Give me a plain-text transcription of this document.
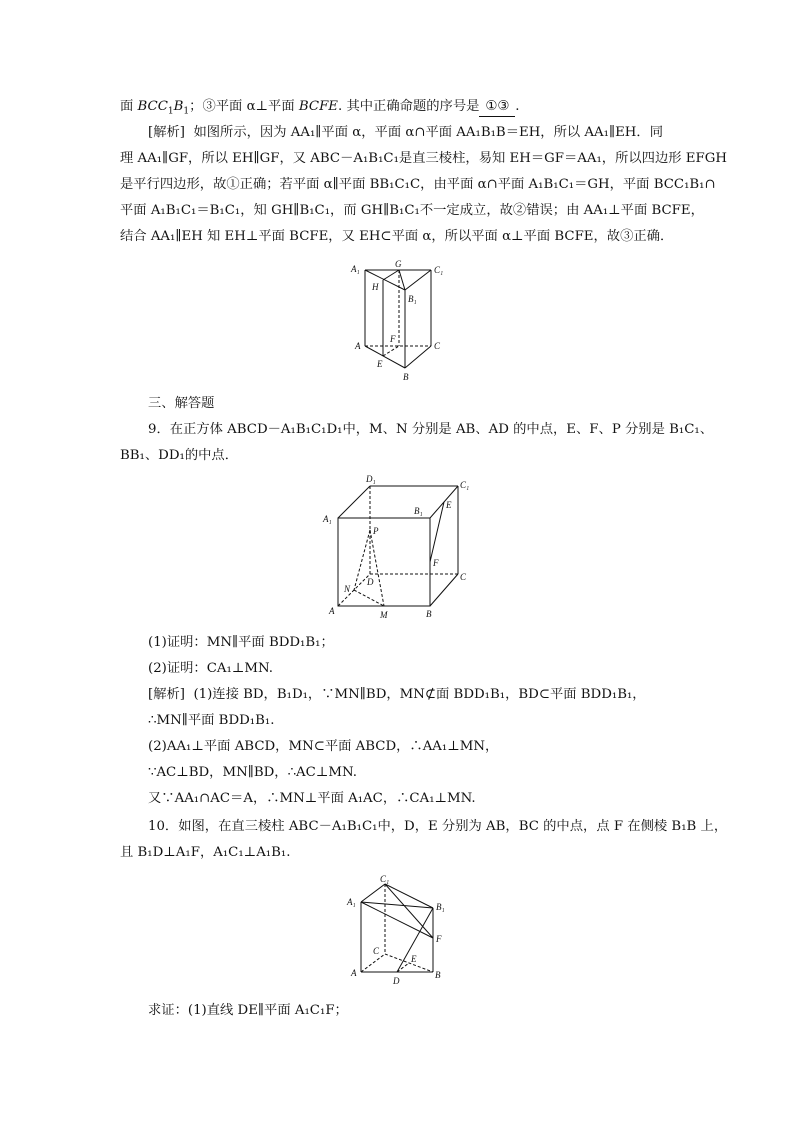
面 $BCC_1B_1$；③平面 α⊥平面 BCFE. 其中正确命题的序号是 ①③ .
[解析] 如图所示，因为 AA₁∥平面 α，平面 α∩平面 AA₁B₁B＝EH，所以 AA₁∥EH．同
理 AA₁∥GF，所以 EH∥GF，又 ABC－A₁B₁C₁是直三棱柱，易知 EH＝GF＝AA₁，所以四边形 EFGH
是平行四边形，故①正确；若平面 α∥平面 BB₁C₁C，由平面 α∩平面 A₁B₁C₁＝GH，平面 BCC₁B₁∩
平面 A₁B₁C₁＝B₁C₁，知 GH∥B₁C₁，而 GH∥B₁C₁不一定成立，故②错误；由 AA₁⊥平面 BCFE，
结合 AA₁∥EH 知 EH⊥平面 BCFE，又 EH⊂平面 α，所以平面 α⊥平面 BCFE，故③正确．
A₁	G
C₁
H
B₁
F
A	C
E
B
三、解答题
9．在正方体 ABCD－A₁B₁C₁D₁中，M、N 分别是 AB、AD 的中点，E、F、P 分别是 B₁C₁、
BB₁、DD₁的中点．
D₁
C₁
A₁
B₁
E
P
F
D	C
N
A	M	B
(1)证明：MN∥平面 BDD₁B₁；
(2)证明：CA₁⊥MN.
[解析] (1)连接 BD，B₁D₁，∵MN∥BD，MN⊄面 BDD₁B₁，BD⊂平面 BDD₁B₁，
∴MN∥平面 BDD₁B₁.
(2)AA₁⊥平面 ABCD，MN⊂平面 ABCD，∴AA₁⊥MN，
∵AC⊥BD，MN∥BD，∴AC⊥MN.
又∵AA₁∩AC＝A，∴MN⊥平面 A₁AC，∴CA₁⊥MN.
10．如图，在直三棱柱 ABC－A₁B₁C₁中，D，E 分别为 AB，BC 的中点，点 F 在侧棱 B₁B 上，
且 B₁D⊥A₁F，A₁C₁⊥A₁B₁.
C₁
A₁	B₁
F
C
E
A
D
B
求证：(1)直线 DE∥平面 A₁C₁F；
